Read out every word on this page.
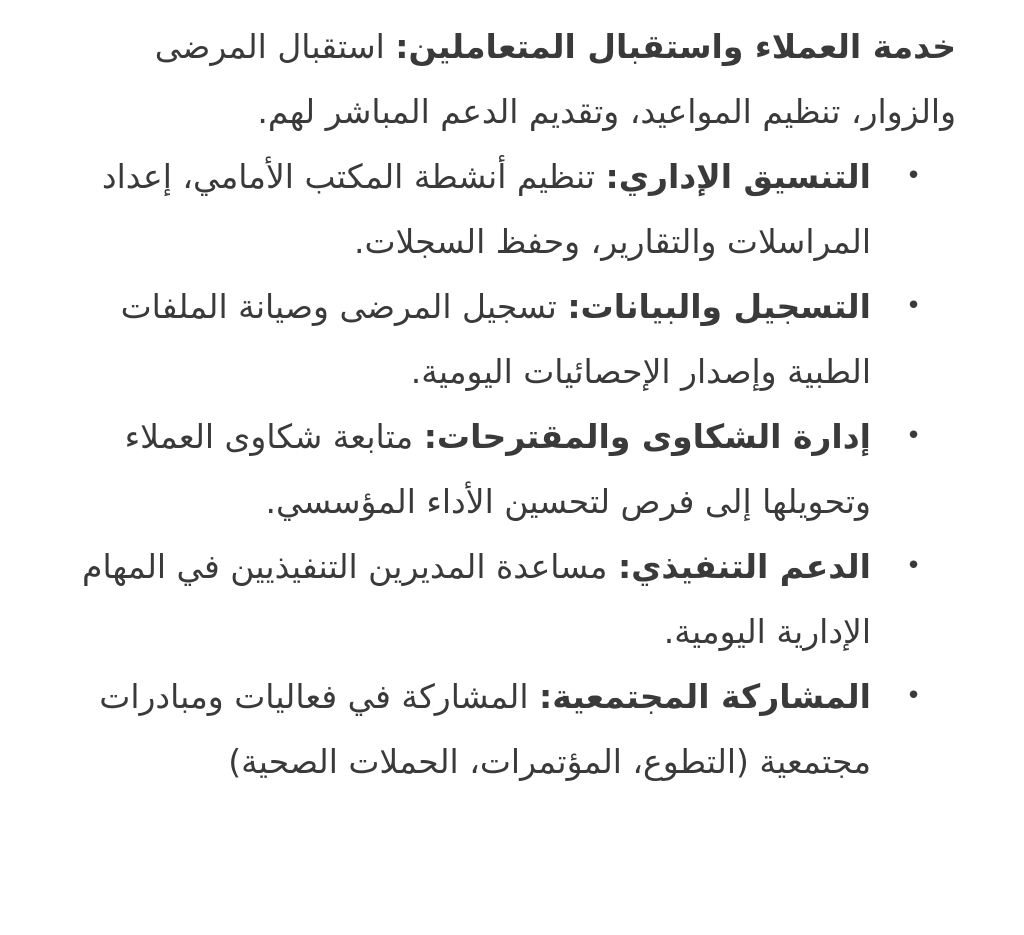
خدمة العملاء واستقبال المتعاملين: استقبال المرضى والزوار، تنظيم المواعيد، وتقديم الدعم المباشر لهم.

•
التنسيق الإداري: تنظيم أنشطة المكتب الأمامي، إعداد المراسلات والتقارير، وحفظ السجلات.
•
التسجيل والبيانات: تسجيل المرضى وصيانة الملفات الطبية وإصدار الإحصائيات اليومية.
•
إدارة الشكاوى والمقترحات: متابعة شكاوى العملاء وتحويلها إلى فرص لتحسين الأداء المؤسسي.
•
الدعم التنفيذي: مساعدة المديرين التنفيذيين في المهام الإدارية اليومية.
•
المشاركة المجتمعية: المشاركة في فعاليات ومبادرات مجتمعية (التطوع، المؤتمرات، الحملات الصحية)
